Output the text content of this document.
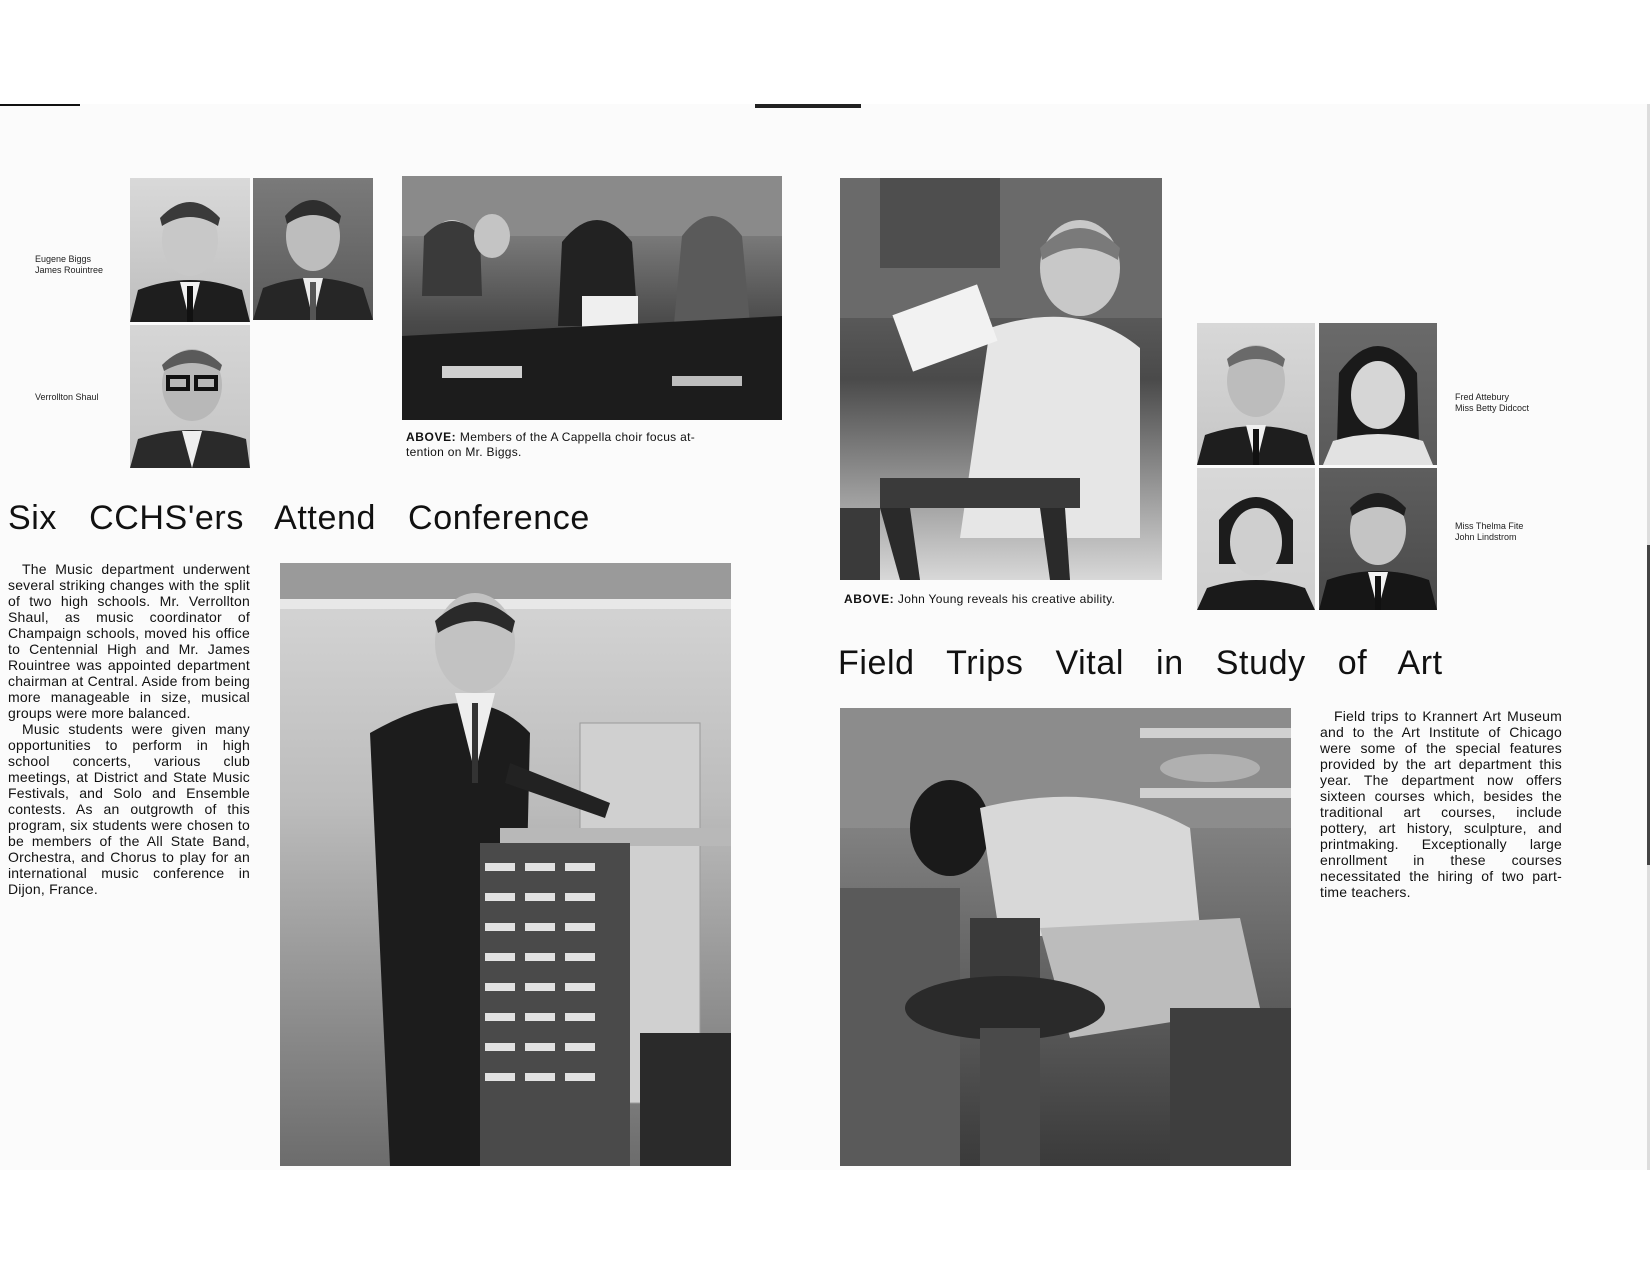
Eugene Biggs
James Rouintree
Verrollton Shaul
ABOVE: Members of the A Cappella choir focus at- tention on Mr. Biggs.
Six CCHS'ers Attend Conference

The Music department underwent several striking changes with the split of two high schools. Mr. Verrollton Shaul, as music coordinator of Champaign schools, moved his office to Centennial High and Mr. James Rouintree was appointed department chairman at Central. Aside from being more manageable in size, musical groups were more balanced.

Music students were given many opportunities to perform in high school concerts, various club meetings, at District and State Music Festivals, and Solo and Ensemble contests. As an outgrowth of this program, six students were chosen to be members of the All State Band, Orchestra, and Chorus to play for an international music conference in Dijon, France.

ABOVE: John Young reveals his creative ability.
Fred Attebury
Miss Betty Didcoct
Miss Thelma Fite
John Lindstrom
Field Trips Vital in Study of Art

Field trips to Krannert Art Museum and to the Art Institute of Chicago were some of the special features provided by the art department this year. The department now offers sixteen courses which, besides the traditional art courses, include pottery, art history, sculpture, and printmaking. Exceptionally large enrollment in these courses necessitated the hiring of two part-time teachers.
